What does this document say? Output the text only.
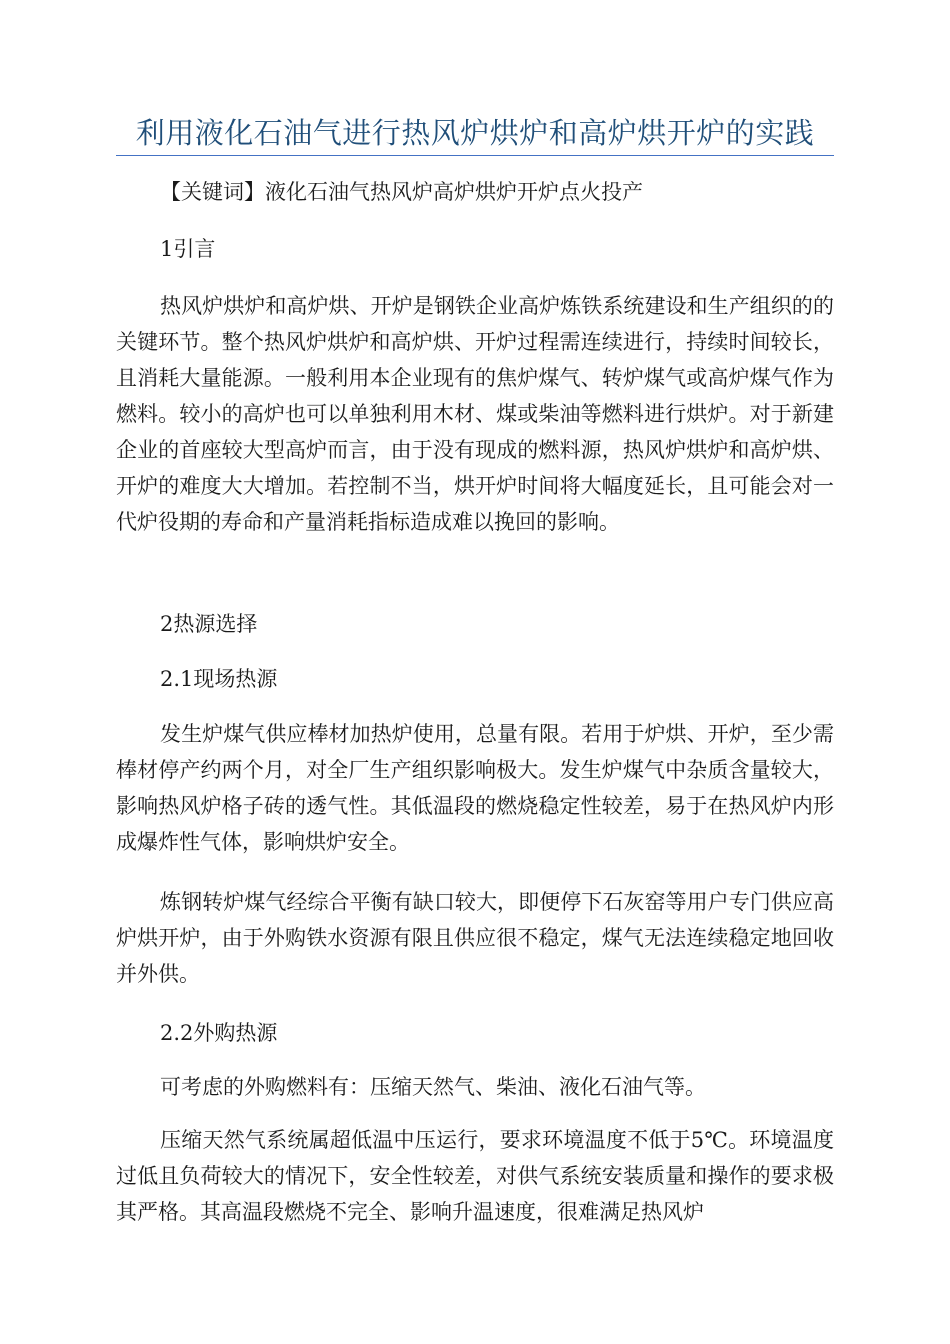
利用液化石油气进行热风炉烘炉和高炉烘开炉的实践

【关键词】液化石油气热风炉高炉烘炉开炉点火投产

1引言

热风炉烘炉和高炉烘、开炉是钢铁企业高炉炼铁系统建设和生产组织的的关键环节。整个热风炉烘炉和高炉烘、开炉过程需连续进行，持续时间较长，且消耗大量能源。一般利用本企业现有的焦炉煤气、转炉煤气或高炉煤气作为燃料。较小的高炉也可以单独利用木材、煤或柴油等燃料进行烘炉。对于新建企业的首座较大型高炉而言，由于没有现成的燃料源，热风炉烘炉和高炉烘、开炉的难度大大增加。若控制不当，烘开炉时间将大幅度延长，且可能会对一代炉役期的寿命和产量消耗指标造成难以挽回的影响。

2热源选择

2.1现场热源

发生炉煤气供应棒材加热炉使用，总量有限。若用于炉烘、开炉，至少需棒材停产约两个月，对全厂生产组织影响极大。发生炉煤气中杂质含量较大，影响热风炉格子砖的透气性。其低温段的燃烧稳定性较差，易于在热风炉内形成爆炸性气体，影响烘炉安全。

炼钢转炉煤气经综合平衡有缺口较大，即便停下石灰窑等用户专门供应高炉烘开炉，由于外购铁水资源有限且供应很不稳定，煤气无法连续稳定地回收并外供。

2.2外购热源

可考虑的外购燃料有：压缩天然气、柴油、液化石油气等。

压缩天然气系统属超低温中压运行，要求环境温度不低于5℃。环境温度过低且负荷较大的情况下，安全性较差，对供气系统安装质量和操作的要求极其严格。其高温段燃烧不完全、影响升温速度，很难满足热风炉
